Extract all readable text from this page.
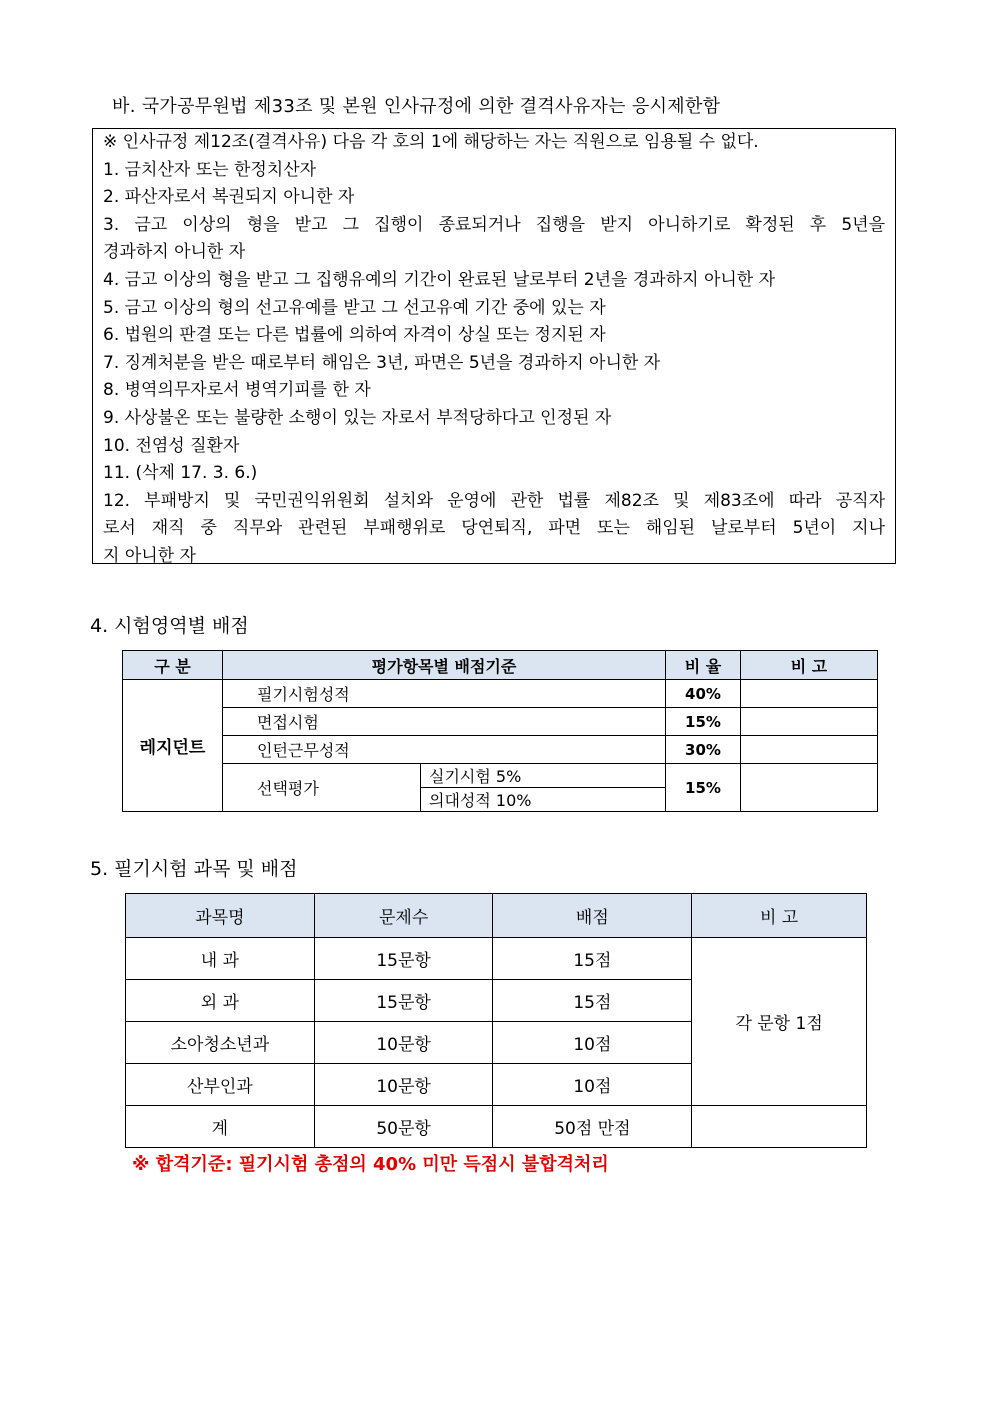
바. 국가공무원법 제33조 및 본원 인사규정에 의한 결격사유자는 응시제한함
※ 인사규정 제12조(결격사유) 다음 각 호의 1에 해당하는 자는 직원으로 임용될 수 없다.
1. 금치산자 또는 한정치산자
2. 파산자로서 복권되지 아니한 자
3. 금고 이상의 형을 받고 그 집행이 종료되거나 집행을 받지 아니하기로 확정된 후 5년을
경과하지 아니한 자
4. 금고 이상의 형을 받고 그 집행유예의 기간이 완료된 날로부터 2년을 경과하지 아니한 자
5. 금고 이상의 형의 선고유예를 받고 그 선고유예 기간 중에 있는 자
6. 법원의 판결 또는 다른 법률에 의하여 자격이 상실 또는 정지된 자
7. 징계처분을 받은 때로부터 해임은 3년, 파면은 5년을 경과하지 아니한 자
8. 병역의무자로서 병역기피를 한 자
9. 사상불온 또는 불량한 소행이 있는 자로서 부적당하다고 인정된 자
10. 전염성 질환자
11. (삭제 17. 3. 6.)
12. 부패방지 및 국민권익위원회 설치와 운영에 관한 법률 제82조 및 제83조에 따라 공직자
로서 재직 중 직무와 관련된 부패행위로 당연퇴직, 파면 또는 해임된 날로부터 5년이 지나
지 아니한 자
4. 시험영역별 배점
구 분	평가항목별 배점기준		비 율	비 고
레지던트	필기시험성적		40%	
	면접시험		15%	
	인턴근무성적		30%	
	선택평가	실기시험 5%	15%	
		의대성적 10%		
5. 필기시험 과목 및 배점
과목명	문제수	배점	비 고
내 과	15문항	15점	각 문항 1점
외 과	15문항	15점	
소아청소년과	10문항	10점	
산부인과	10문항	10점	
계	50문항	50점 만점	
※ 합격기준: 필기시험 총점의 40% 미만 득점시 불합격처리
